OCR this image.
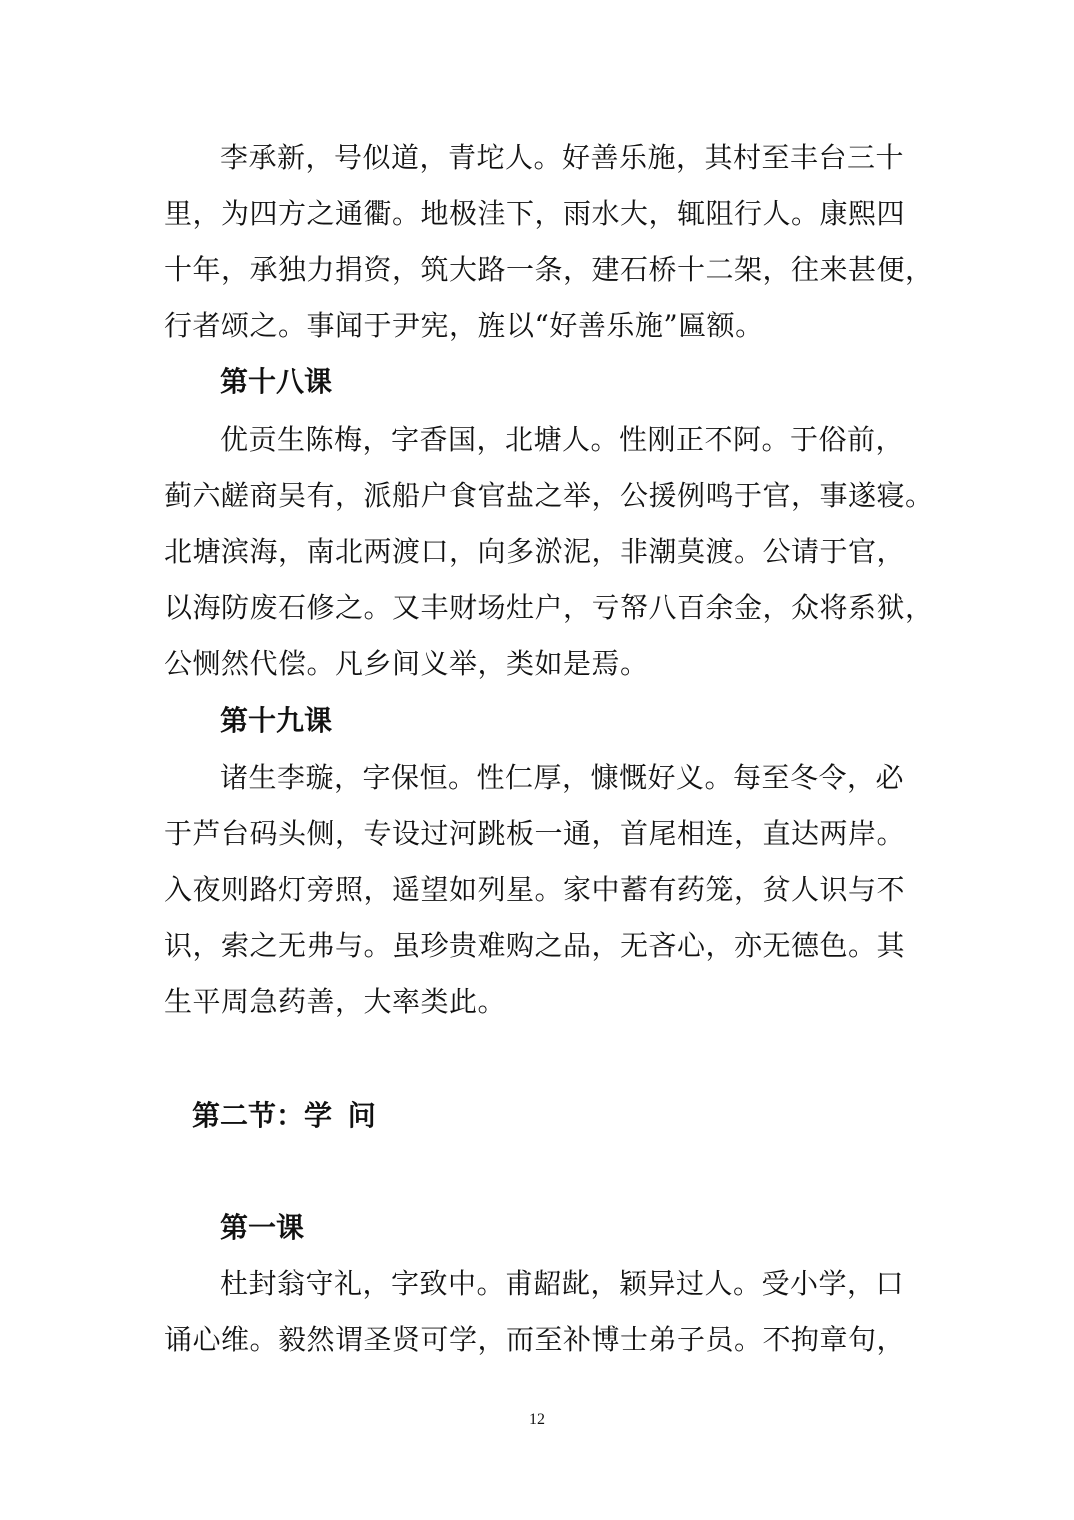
李承新，号似道，青坨人。好善乐施，其村至丰台三十
里，为四方之通衢。地极洼下，雨水大，辄阻行人。康熙四
十年，承独力捐资，筑大路一条，建石桥十二架，往来甚便，
行者颂之。事闻于尹宪，旌以“好善乐施”匾额。
第十八课
优贡生陈梅，字香国，北塘人。性刚正不阿。于俗前，
蓟六鹾商吴有，派船户食官盐之举，公援例鸣于官，事遂寝。
北塘滨海，南北两渡口，向多淤泥，非潮莫渡。公请于官，
以海防废石修之。又丰财场灶户，亏帑八百余金，众将系狱，
公恻然代偿。凡乡间义举，类如是焉。
第十九课
诸生李璇，字保恒。性仁厚，慷慨好义。每至冬令，必
于芦台码头侧，专设过河跳板一通，首尾相连，直达两岸。
入夜则路灯旁照，遥望如列星。家中蓄有药笼，贫人识与不
识，索之无弗与。虽珍贵难购之品，无吝心，亦无德色。其
生平周急药善，大率类此。
第二节：学 问
第一课
杜封翁守礼，字致中。甫龆龀，颖异过人。受小学，口
诵心维。毅然谓圣贤可学，而至补博士弟子员。不拘章句，
12
